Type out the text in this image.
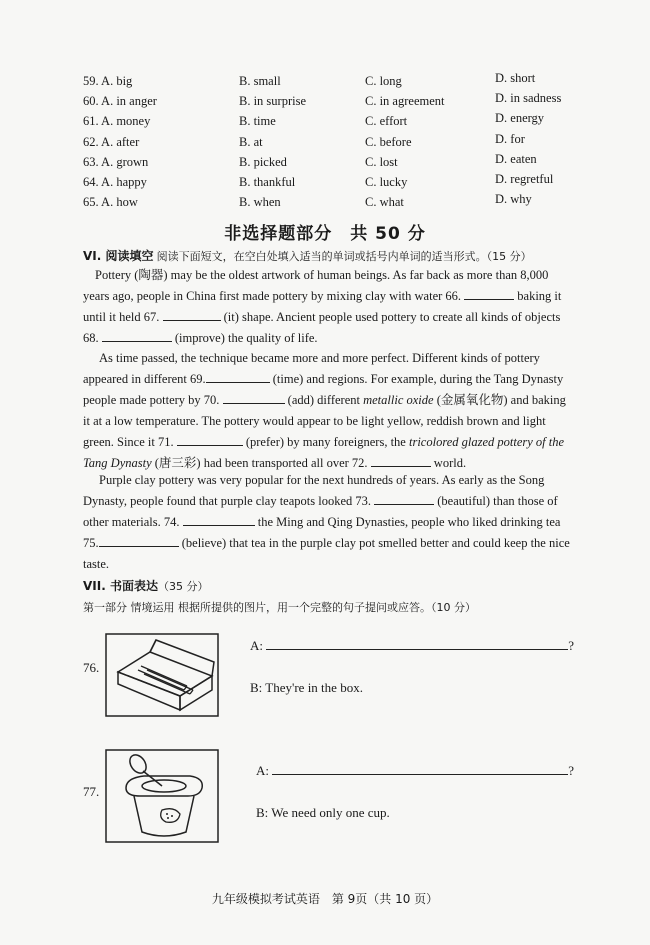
59. A. big	B. small	C. long	D. short
60. A. in anger	B. in surprise	C. in agreement	D. in sadness
61. A. money	B. time	C. effort	D. energy
62. A. after	B. at	C. before	D. for
63. A. grown	B. picked	C. lost	D. eaten
64. A. happy	B. thankful	C. lucky	D. regretful
65. A. how	B. when	C. what	D. why
非选择题部分　共 50 分
VI. 阅读填空 阅读下面短文，在空白处填入适当的单词或括号内单词的适当形式。（15 分）
Pottery (陶器) may be the oldest artwork of human beings. As far back as more than 8,000
years ago, people in China first made pottery by mixing clay with water 66.	baking it
until it held 67.	(it) shape. Ancient people used pottery to create all kinds of objects
68.	(improve) the quality of life.
As time passed, the technique became more and more perfect. Different kinds of pottery
appeared in different 69.	(time) and regions. For example, during the Tang Dynasty
people made pottery by 70.	(add) different metallic oxide (金属氧化物) and baking
it at a low temperature. The pottery would appear to be light yellow, reddish brown and light
green. Since it 71.	(prefer) by many foreigners, the tricolored glazed pottery of the
Tang Dynasty (唐三彩) had been transported all over 72.	world.
Purple clay pottery was very popular for the next hundreds of years. As early as the Song
Dynasty, people found that purple clay teapots looked 73.	(beautiful) than those of
other materials. 74.	the Ming and Qing Dynasties, people who liked drinking tea
75.	(believe) that tea in the purple clay pot smelled better and could keep the nice
taste.
VII. 书面表达（35 分）
第一部分 情境运用 根据所提供的图片，用一个完整的句子提问或应答。（10 分）
76.
A:	?
B: They're in the box.
77.
A:	?
B: We need only one cup.
九年级模拟考试英语　第 9页（共 10 页）
